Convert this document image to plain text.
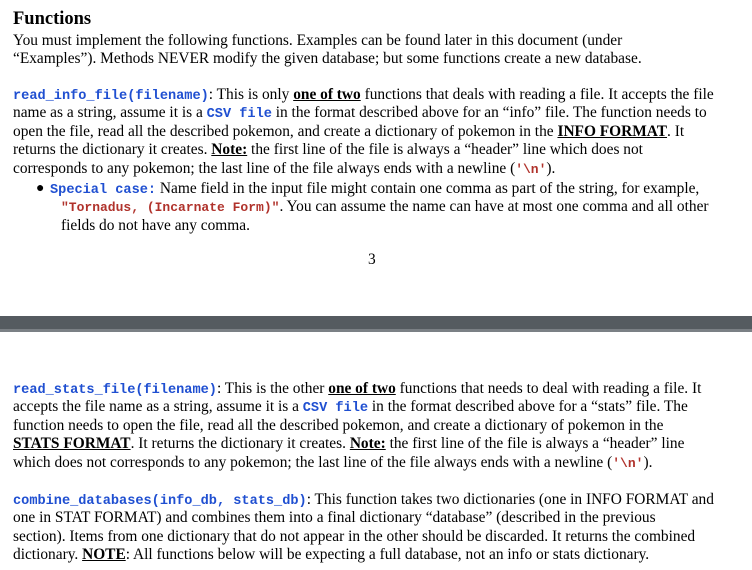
Functions
You must implement the following functions. Examples can be found later in this document (under
“Examples”). Methods NEVER modify the given database; but some functions create a new database.
read_info_file(filename): This is only one of two functions that deals with reading a file. It accepts the file
name as a string, assume it is a CSV file in the format described above for an “info” file. The function needs to
open the file, read all the described pokemon, and create a dictionary of pokemon in the INFO FORMAT. It
returns the dictionary it creates. Note: the first line of the file is always a “header” line which does not
corresponds to any pokemon; the last line of the file always ends with a newline ('\n').
● Special case: Name field in the input file might contain one comma as part of the string, for example,
"Tornadus, (Incarnate Form)". You can assume the name can have at most one comma and all other
fields do not have any comma.

3

read_stats_file(filename): This is the other one of two functions that needs to deal with reading a file. It
accepts the file name as a string, assume it is a CSV file in the format described above for a “stats” file. The
function needs to open the file, read all the described pokemon, and create a dictionary of pokemon in the
STATS FORMAT. It returns the dictionary it creates. Note: the first line of the file is always a “header” line
which does not corresponds to any pokemon; the last line of the file always ends with a newline ('\n').
combine_databases(info_db, stats_db): This function takes two dictionaries (one in INFO FORMAT and
one in STAT FORMAT) and combines them into a final dictionary “database” (described in the previous
section). Items from one dictionary that do not appear in the other should be discarded. It returns the combined
dictionary. NOTE: All functions below will be expecting a full database, not an info or stats dictionary.
